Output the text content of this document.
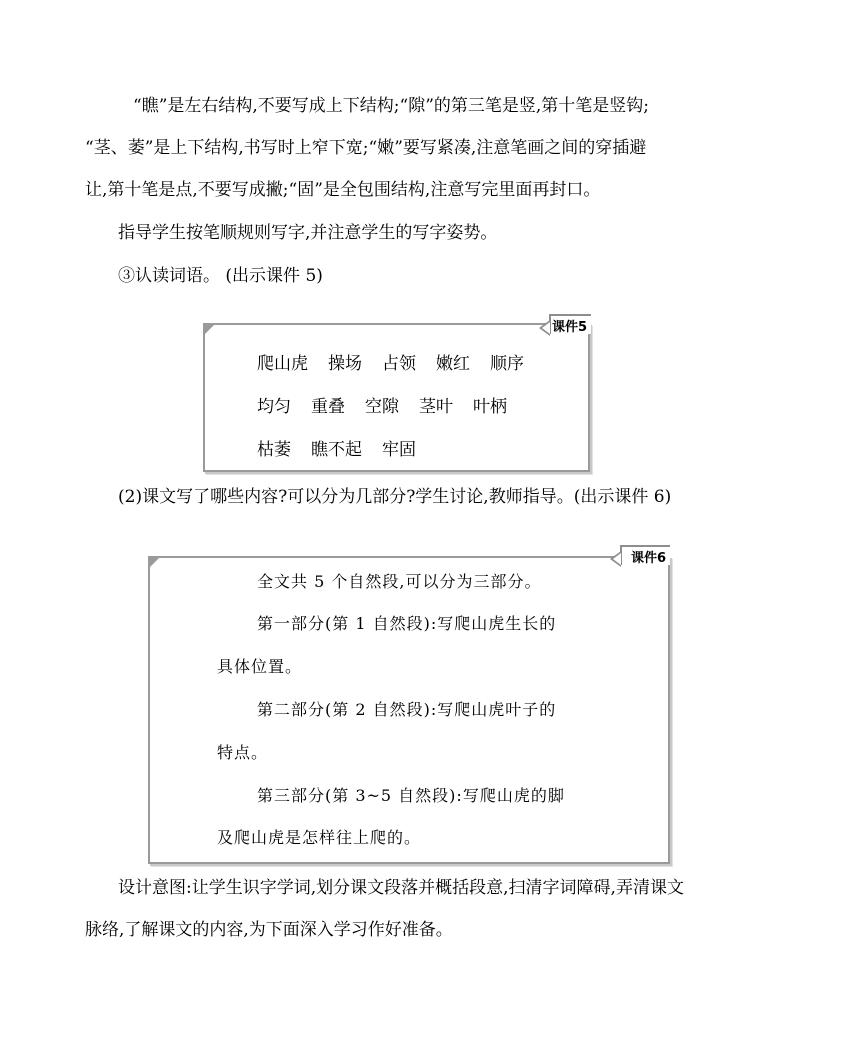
“瞧”是左右结构,不要写成上下结构;“隙”的第三笔是竖,第十笔是竖钩;
“茎、萎”是上下结构,书写时上窄下宽;“嫩”要写紧凑,注意笔画之间的穿插避
让,第十笔是点,不要写成撇;“固”是全包围结构,注意写完里面再封口。
指导学生按笔顺规则写字,并注意学生的写字姿势。
③认读词语。 (出示课件 5)
爬山虎 操场 占领 嫩红 顺序
均匀 重叠 空隙 茎叶 叶柄
枯萎 瞧不起 牢固
课件5
(2)课文写了哪些内容?可以分为几部分?学生讨论,教师指导。(出示课件 6)
全文共 5 个自然段,可以分为三部分。
第一部分(第 1 自然段):写爬山虎生长的
具体位置。
第二部分(第 2 自然段):写爬山虎叶子的
特点。
第三部分(第 3~5 自然段):写爬山虎的脚
及爬山虎是怎样往上爬的。
课件6
设计意图:让学生识字学词,划分课文段落并概括段意,扫清字词障碍,弄清课文
脉络,了解课文的内容,为下面深入学习作好准备。
